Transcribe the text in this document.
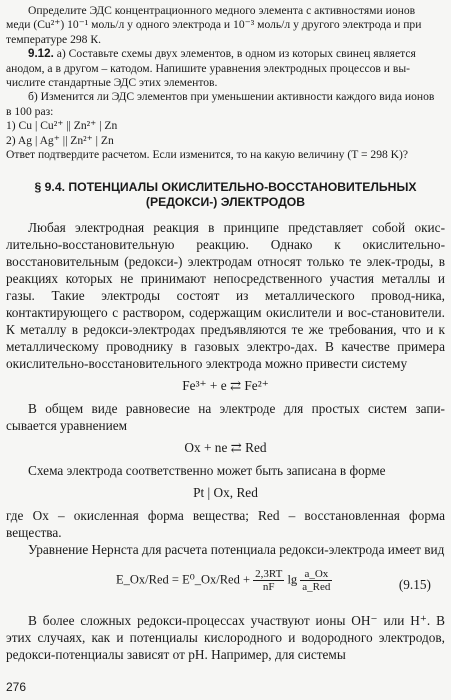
Определите ЭДС концентрационного медного элемента с активностями ионов

меди (Cu²⁺) 10⁻¹ моль/л у одного электрода и 10⁻³ моль/л у другого электрода и при

температуре 298 К.

9.12. а) Составьте схемы двух элементов, в одном из которых свинец является

анодом, а в другом – катодом. Напишите уравнения электродных процессов и вы-

числите стандартные ЭДС этих элементов.

б) Изменится ли ЭДС элементов при уменьшении активности каждого вида ионов

в 100 раз:

1) Cu | Cu²⁺ || Zn²⁺ | Zn

2) Ag | Ag⁺ || Zn²⁺ | Zn

Ответ подтвердите расчетом. Если изменится, то на какую величину (T = 298 K)?

§ 9.4. ПОТЕНЦИАЛЫ ОКИСЛИТЕЛЬНО-ВОССТАНОВИТЕЛЬНЫХ
(РЕДОКСИ-) ЭЛЕКТРОДОВ

Любая электродная реакция в принципе представляет собой окис-лительно-восстановительную реакцию. Однако к окислительно-восстановительным (редокси-) электродам относят только те элек-троды, в реакциях которых не принимают непосредственного участия металлы и газы. Такие электроды состоят из металлического провод-ника, контактирующего с раствором, содержащим окислители и вос-становители. К металлу в редокси-электродах предъявляются те же требования, что и к металлическому проводнику в газовых электро-дах. В качестве примера окислительно-восстановительного электрода можно привести систему

Fe³⁺ + e ⇄ Fe²⁺

В общем виде равновесие на электроде для простых систем запи-сывается уравнением

Ox + ne ⇄ Red

Схема электрода соответственно может быть записана в форме

Pt | Ox, Red

где Ox – окисленная форма вещества; Red – восстановленная форма вещества.

Уравнение Нернста для расчета потенциала редокси-электрода имеет вид

E_Ox/Red = E⁰_Ox/Red + $\frac{2,3RT}{nF}$ $\lg \frac{a\_Ox}{\text{a\_Red}}$	(9.15)

В более сложных редокси-процессах участвуют ионы OH⁻ или H⁺. В этих случаях, как и потенциалы кислородного и водородного электродов, редокси-потенциалы зависят от pH. Например, для системы

276
